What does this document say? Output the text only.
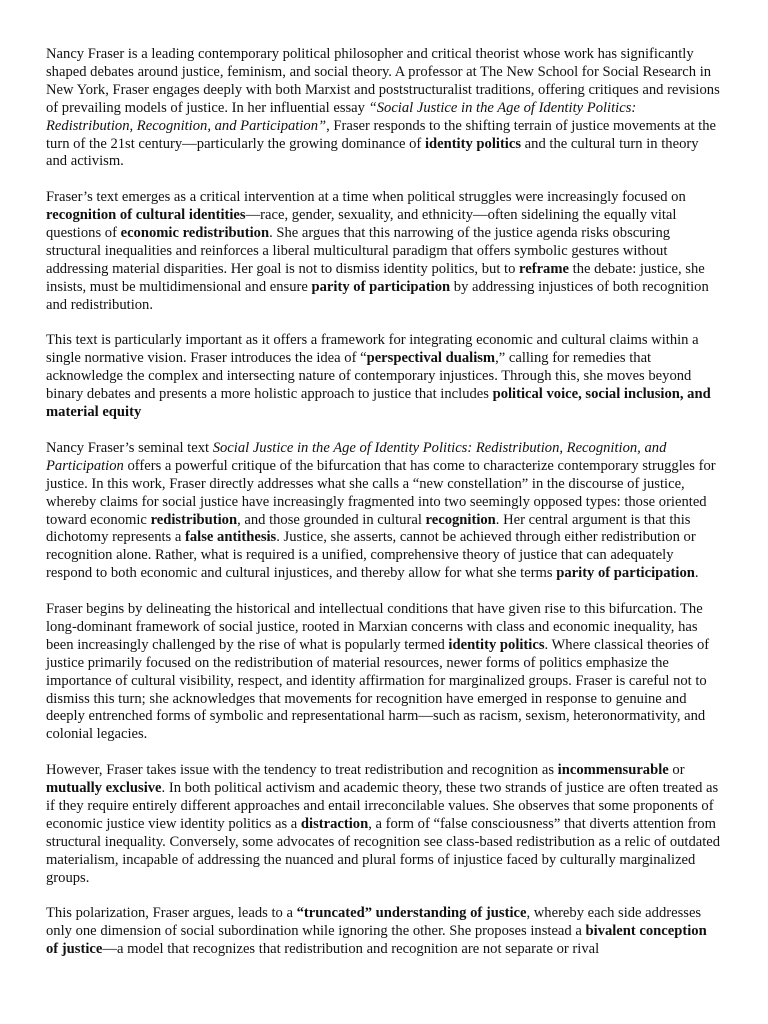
Nancy Fraser is a leading contemporary political philosopher and critical theorist whose work has significantly shaped debates around justice, feminism, and social theory. A professor at The New School for Social Research in New York, Fraser engages deeply with both Marxist and poststructuralist traditions, offering critiques and revisions of prevailing models of justice. In her influential essay “Social Justice in the Age of Identity Politics: Redistribution, Recognition, and Participation”, Fraser responds to the shifting terrain of justice movements at the turn of the 21st century—particularly the growing dominance of identity politics and the cultural turn in theory and activism.

Fraser’s text emerges as a critical intervention at a time when political struggles were increasingly focused on recognition of cultural identities—race, gender, sexuality, and ethnicity—often sidelining the equally vital questions of economic redistribution. She argues that this narrowing of the justice agenda risks obscuring structural inequalities and reinforces a liberal multicultural paradigm that offers symbolic gestures without addressing material disparities. Her goal is not to dismiss identity politics, but to reframe the debate: justice, she insists, must be multidimensional and ensure parity of participation by addressing injustices of both recognition and redistribution.

This text is particularly important as it offers a framework for integrating economic and cultural claims within a single normative vision. Fraser introduces the idea of “perspectival dualism,” calling for remedies that acknowledge the complex and intersecting nature of contemporary injustices. Through this, she moves beyond binary debates and presents a more holistic approach to justice that includes political voice, social inclusion, and material equity

Nancy Fraser’s seminal text Social Justice in the Age of Identity Politics: Redistribution, Recognition, and Participation offers a powerful critique of the bifurcation that has come to characterize contemporary struggles for justice. In this work, Fraser directly addresses what she calls a “new constellation” in the discourse of justice, whereby claims for social justice have increasingly fragmented into two seemingly opposed types: those oriented toward economic redistribution, and those grounded in cultural recognition. Her central argument is that this dichotomy represents a false antithesis. Justice, she asserts, cannot be achieved through either redistribution or recognition alone. Rather, what is required is a unified, comprehensive theory of justice that can adequately respond to both economic and cultural injustices, and thereby allow for what she terms parity of participation.

Fraser begins by delineating the historical and intellectual conditions that have given rise to this bifurcation. The long-dominant framework of social justice, rooted in Marxian concerns with class and economic inequality, has been increasingly challenged by the rise of what is popularly termed identity politics. Where classical theories of justice primarily focused on the redistribution of material resources, newer forms of politics emphasize the importance of cultural visibility, respect, and identity affirmation for marginalized groups. Fraser is careful not to dismiss this turn; she acknowledges that movements for recognition have emerged in response to genuine and deeply entrenched forms of symbolic and representational harm—such as racism, sexism, heteronormativity, and colonial legacies.

However, Fraser takes issue with the tendency to treat redistribution and recognition as incommensurable or mutually exclusive. In both political activism and academic theory, these two strands of justice are often treated as if they require entirely different approaches and entail irreconcilable values. She observes that some proponents of economic justice view identity politics as a distraction, a form of “false consciousness” that diverts attention from structural inequality. Conversely, some advocates of recognition see class-based redistribution as a relic of outdated materialism, incapable of addressing the nuanced and plural forms of injustice faced by culturally marginalized groups.

This polarization, Fraser argues, leads to a “truncated” understanding of justice, whereby each side addresses only one dimension of social subordination while ignoring the other. She proposes instead a bivalent conception of justice—a model that recognizes that redistribution and recognition are not separate or rival
